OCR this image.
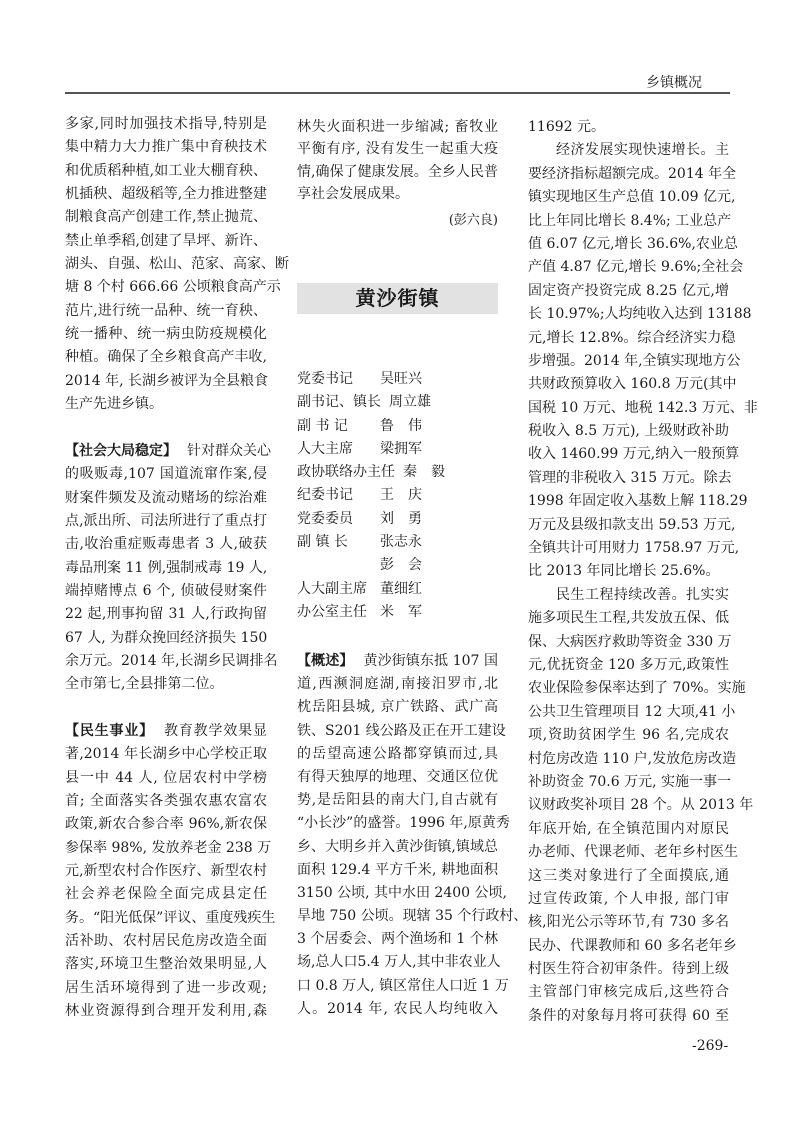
乡镇概况
多家,同时加强技术指导,特别是
集中精力大力推广集中育秧技术
和优质稻种植,如工业大棚育秧、
机插秧、超级稻等,全力推进整建
制粮食高产创建工作,禁止抛荒、
禁止单季稻,创建了旱坪、新许、
湖头、自强、松山、范家、高家、断
塘 8 个村 666.66 公顷粮食高产示
范片,进行统一品种、统一育秧、
统一播种、统一病虫防疫规模化
种植。确保了全乡粮食高产丰收,
2014 年, 长湖乡被评为全县粮食
生产先进乡镇。
【社会大局稳定】 针对群众关心
的吸贩毒,107 国道流窜作案,侵
财案件频发及流动赌场的综治难
点,派出所、司法所进行了重点打
击,收治重症贩毒患者 3 人,破获
毒品刑案 11 例,强制戒毒 19 人,
端掉赌博点 6 个, 侦破侵财案件
22 起,刑事拘留 31 人,行政拘留
67 人, 为群众挽回经济损失 150
余万元。2014 年,长湖乡民调排名
全市第七,全县排第二位。
【民生事业】 教育教学效果显
著,2014 年长湖乡中心学校正取
县一中 44 人, 位居农村中学榜
首; 全面落实各类强农惠农富农
政策,新农合参合率 96%,新农保
参保率 98%, 发放养老金 238 万
元,新型农村合作医疗、新型农村
社会养老保险全面完成县定任
务。“阳光低保”评议、重度残疾生
活补助、农村居民危房改造全面
落实,环境卫生整治效果明显,人
居生活环境得到了进一步改观;
林业资源得到合理开发利用,森
林失火面积进一步缩减; 畜牧业
平衡有序, 没有发生一起重大疫
情,确保了健康发展。全乡人民普
享社会发展成果。
(彭六良)
黄沙街镇
党委书记 吴旺兴
副书记、镇长 周立雄
副 书 记 鲁　伟
人大主席 梁拥军
政协联络办主任 秦　毅
纪委书记 王　庆
党委委员 刘　勇
副 镇 长 张志永
彭　会
人大副主席 董细红
办公室主任 米　军
【概述】 黄沙街镇东抵 107 国
道,西濒洞庭湖,南接汨罗市,北
枕岳阳县城, 京广铁路、武广高
铁、S201 线公路及正在开工建设
的岳望高速公路都穿镇而过,具
有得天独厚的地理、交通区位优
势,是岳阳县的南大门,自古就有
“小长沙”的盛誉。1996 年,原黄秀
乡、大明乡并入黄沙街镇,镇域总
面积 129.4 平方千米, 耕地面积
3150 公顷, 其中水田 2400 公顷,
旱地 750 公顷。现辖 35 个行政村、
3 个居委会、两个渔场和 1 个林
场,总人口5.4 万人,其中非农业人
口 0.8 万人, 镇区常住人口近 1 万
人。2014 年, 农民人均纯收入
11692 元。
经济发展实现快速增长。主
要经济指标超额完成。2014 年全
镇实现地区生产总值 10.09 亿元,
比上年同比增长 8.4%; 工业总产
值 6.07 亿元,增长 36.6%,农业总
产值 4.87 亿元,增长 9.6%;全社会
固定资产投资完成 8.25 亿元,增
长 10.97%;人均纯收入达到 13188
元,增长 12.8%。综合经济实力稳
步增强。2014 年,全镇实现地方公
共财政预算收入 160.8 万元(其中
国税 10 万元、地税 142.3 万元、非
税收入 8.5 万元), 上级财政补助
收入 1460.99 万元,纳入一般预算
管理的非税收入 315 万元。除去
1998 年固定收入基数上解 118.29
万元及县级扣款支出 59.53 万元,
全镇共计可用财力 1758.97 万元,
比 2013 年同比增长 25.6%。
民生工程持续改善。扎实实
施多项民生工程,共发放五保、低
保、大病医疗救助等资金 330 万
元,优抚资金 120 多万元,政策性
农业保险参保率达到了 70%。实施
公共卫生管理项目 12 大项,41 小
项,资助贫困学生 96 名,完成农
村危房改造 110 户,发放危房改造
补助资金 70.6 万元, 实施一事一
议财政奖补项目 28 个。从 2013 年
年底开始, 在全镇范围内对原民
办老师、代课老师、老年乡村医生
这三类对象进行了全面摸底,通
过宣传政策, 个人申报, 部门审
核,阳光公示等环节,有 730 多名
民办、代课教师和 60 多名老年乡
村医生符合初审条件。待到上级
主管部门审核完成后,这些符合
条件的对象每月将可获得 60 至
-269-
